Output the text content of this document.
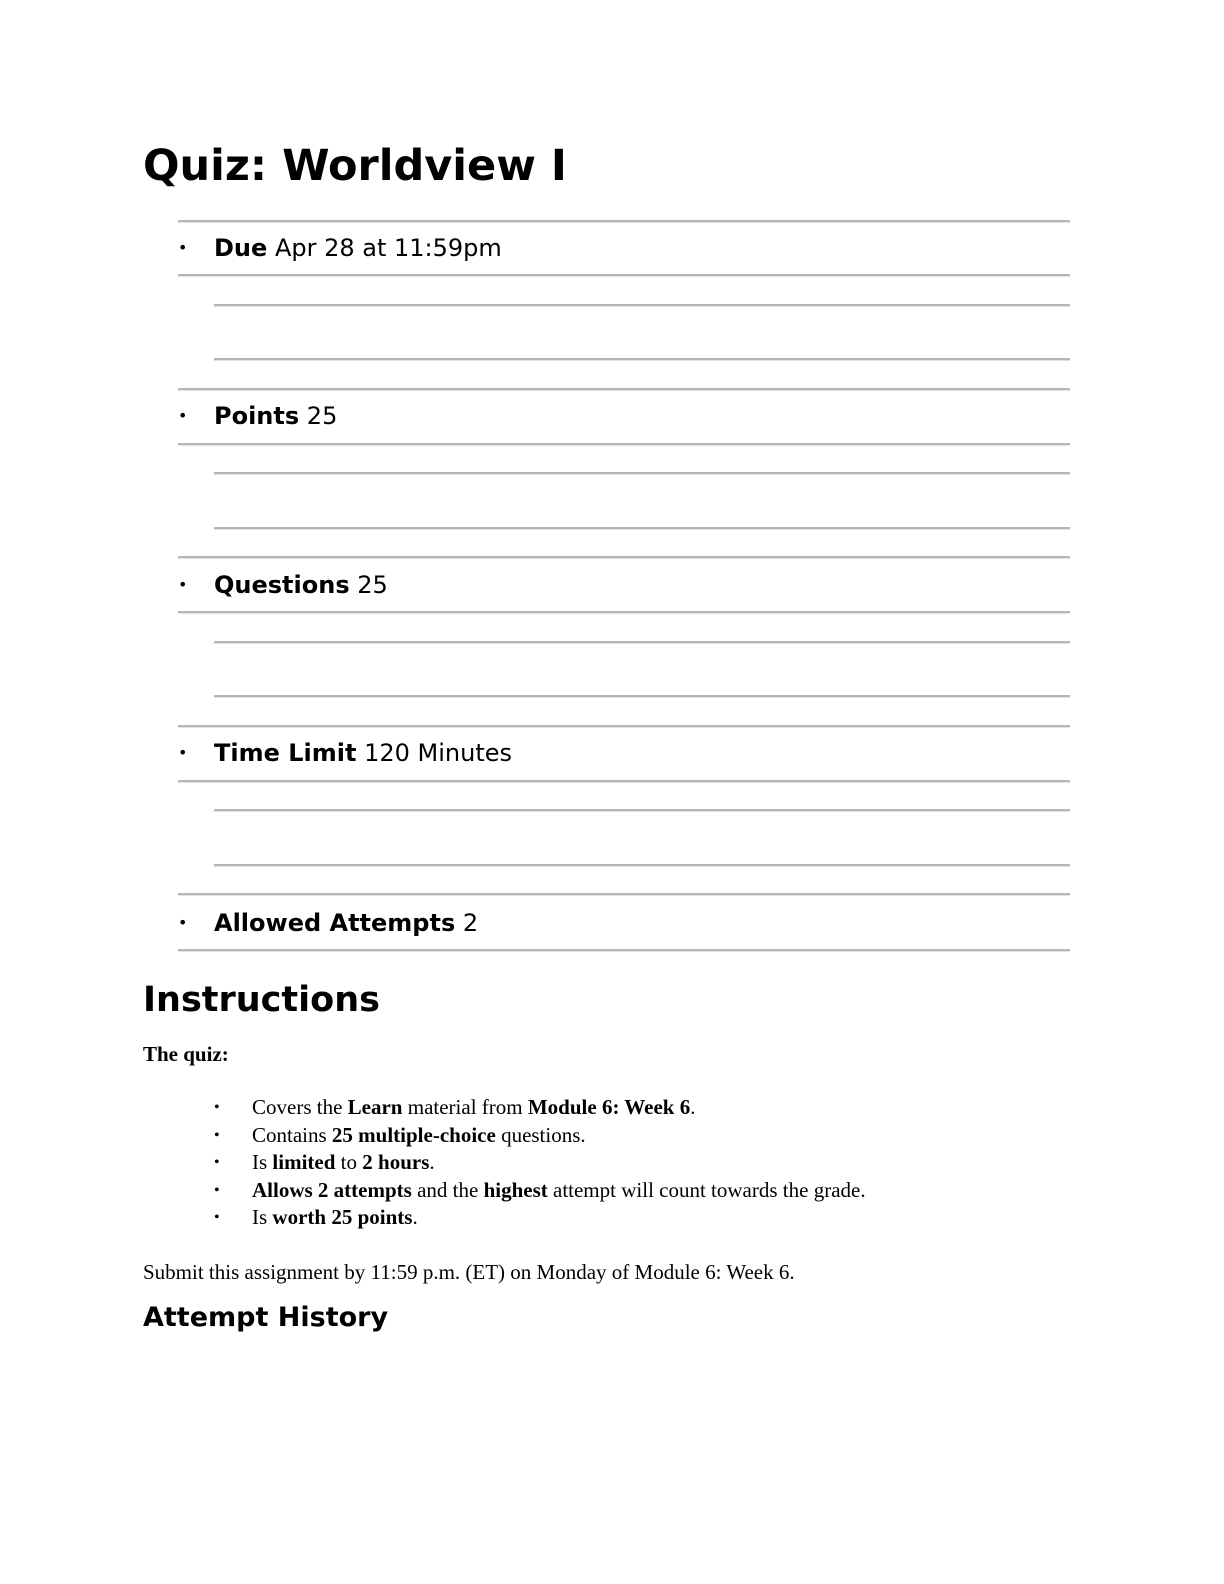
Quiz: Worldview I
• Due Apr 28 at 11:59pm
• Points 25
• Questions 25
• Time Limit 120 Minutes
• Allowed Attempts 2
Instructions
The quiz:
• Covers the Learn material from Module 6: Week 6.
• Contains 25 multiple-choice questions.
• Is limited to 2 hours.
• Allows 2 attempts and the highest attempt will count towards the grade.
• Is worth 25 points.
Submit this assignment by 11:59 p.m. (ET) on Monday of Module 6: Week 6.
Attempt History
